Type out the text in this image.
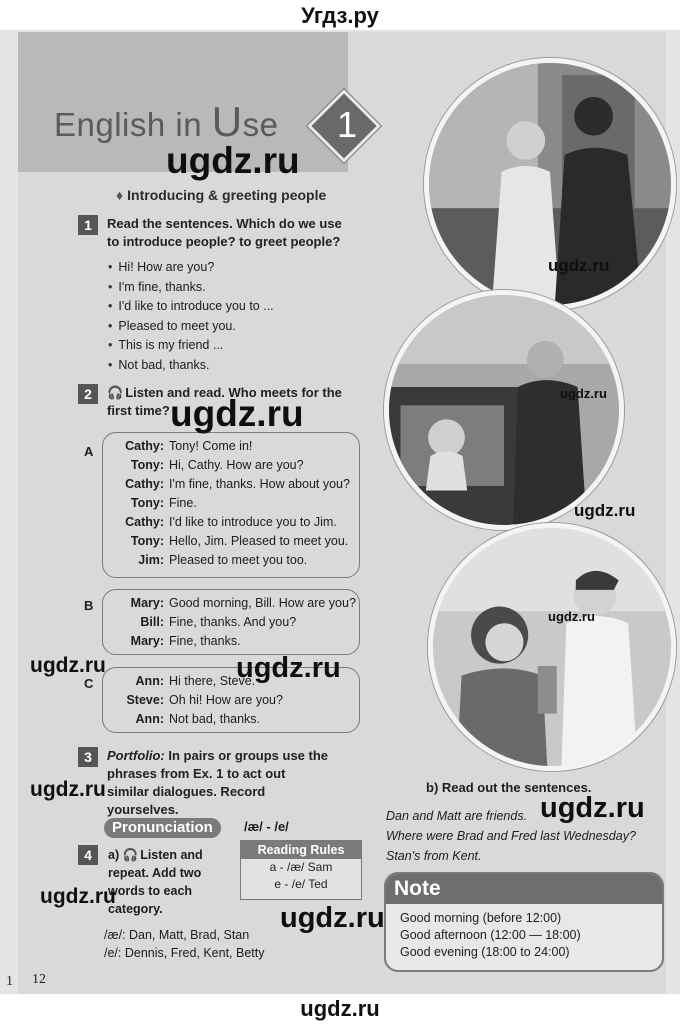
Угдз.ру
English in Use	1
♦ Introducing & greeting people
1	Read the sentences. Which do we use to introduce people? to greet people?
• Hi! How are you?
• I'm fine, thanks.
• I'd like to introduce you to ...
• Pleased to meet you.
• This is my friend ...
• Not bad, thanks.
2	🎧 Listen and read. Who meets for the first time?
A	Cathy: Tony! Come in!
Tony: Hi, Cathy. How are you?
Cathy: I'm fine, thanks. How about you?
Tony: Fine.
Cathy: I'd like to introduce you to Jim.
Tony: Hello, Jim. Pleased to meet you.
Jim: Pleased to meet you too.
B	Mary: Good morning, Bill. How are you?
Bill: Fine, thanks. And you?
Mary: Fine, thanks.
C	Ann: Hi there, Steve.
Steve: Oh hi! How are you?
Ann: Not bad, thanks.
3	Portfolio: In pairs or groups use the phrases from Ex. 1 to act out similar dialogues. Record yourselves.
Pronunciation	/æ/ - /e/
4	a) 🎧 Listen and
repeat. Add two
words to each
category.
Reading Rules
a - /æ/ Sam
e - /e/ Ted
/æ/: Dan, Matt, Brad, Stan
/e/: Dennis, Fred, Kent, Betty
1 12
b) Read out the sentences.
Dan and Matt are friends.
Where were Brad and Fred last Wednesday?
Stan's from Kent.
Note
Good morning (before 12:00)
Good afternoon (12:00 — 18:00)
Good evening (18:00 to 24:00)
ugdz.ru
ugdz.ru
ugdz.ru
ugdz.ru
ugdz.ru
ugdz.ru
ugdz.ru	ugdz.ru
ugdz.ru
ugdz.ru
ugdz.ru
ugdz.ru
ugdz.ru
